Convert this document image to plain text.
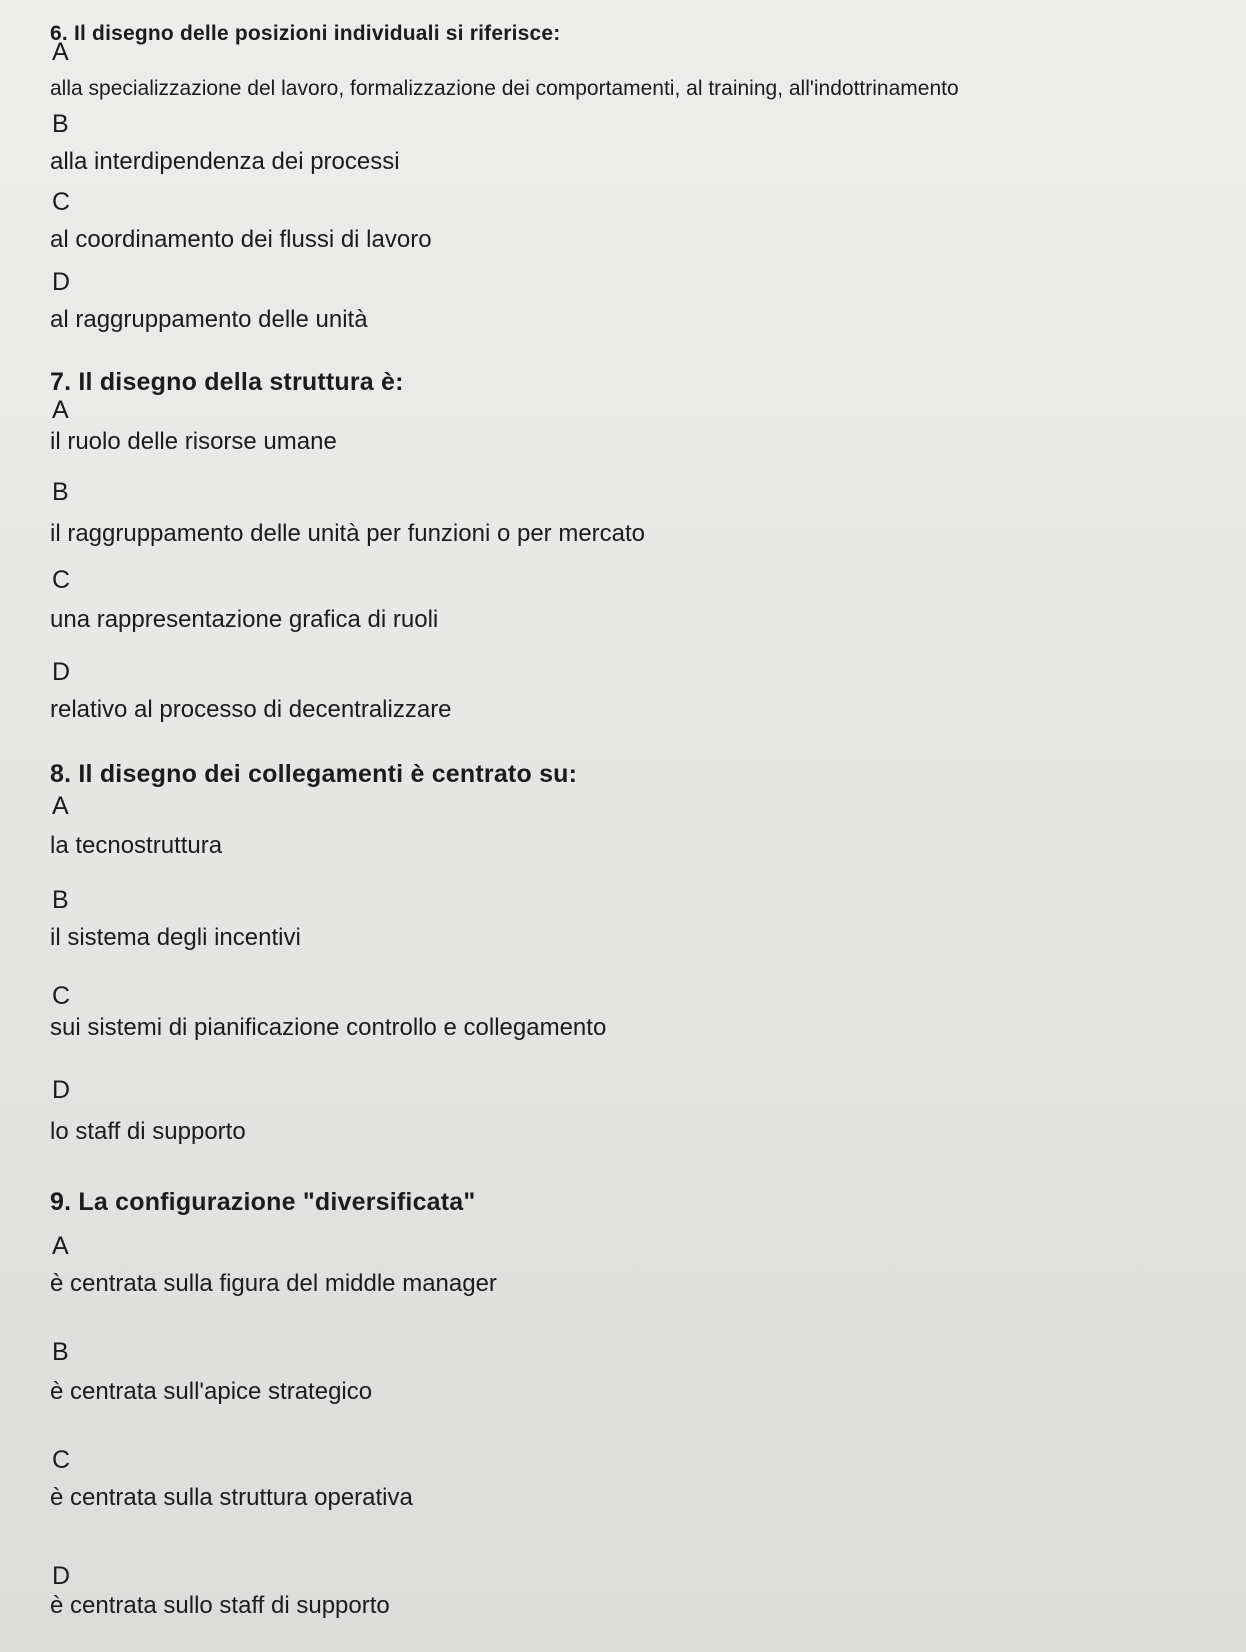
6. Il disegno delle posizioni individuali si riferisce:

A

alla specializzazione del lavoro, formalizzazione dei comportamenti, al training, all'indottrinamento

B

alla interdipendenza dei processi

C

al coordinamento dei flussi di lavoro

D

al raggruppamento delle unità

7. Il disegno della struttura è:

A

il ruolo delle risorse umane

B

il raggruppamento delle unità per funzioni o per mercato

C

una rappresentazione grafica di ruoli

D

relativo al processo di decentralizzare

8. Il disegno dei collegamenti è centrato su:

A

la tecnostruttura

B

il sistema degli incentivi

C

sui sistemi di pianificazione controllo e collegamento

D

lo staff di supporto

9. La configurazione "diversificata"

A

è centrata sulla figura del middle manager

B

è centrata sull'apice strategico

C

è centrata sulla struttura operativa

D

è centrata sullo staff di supporto
